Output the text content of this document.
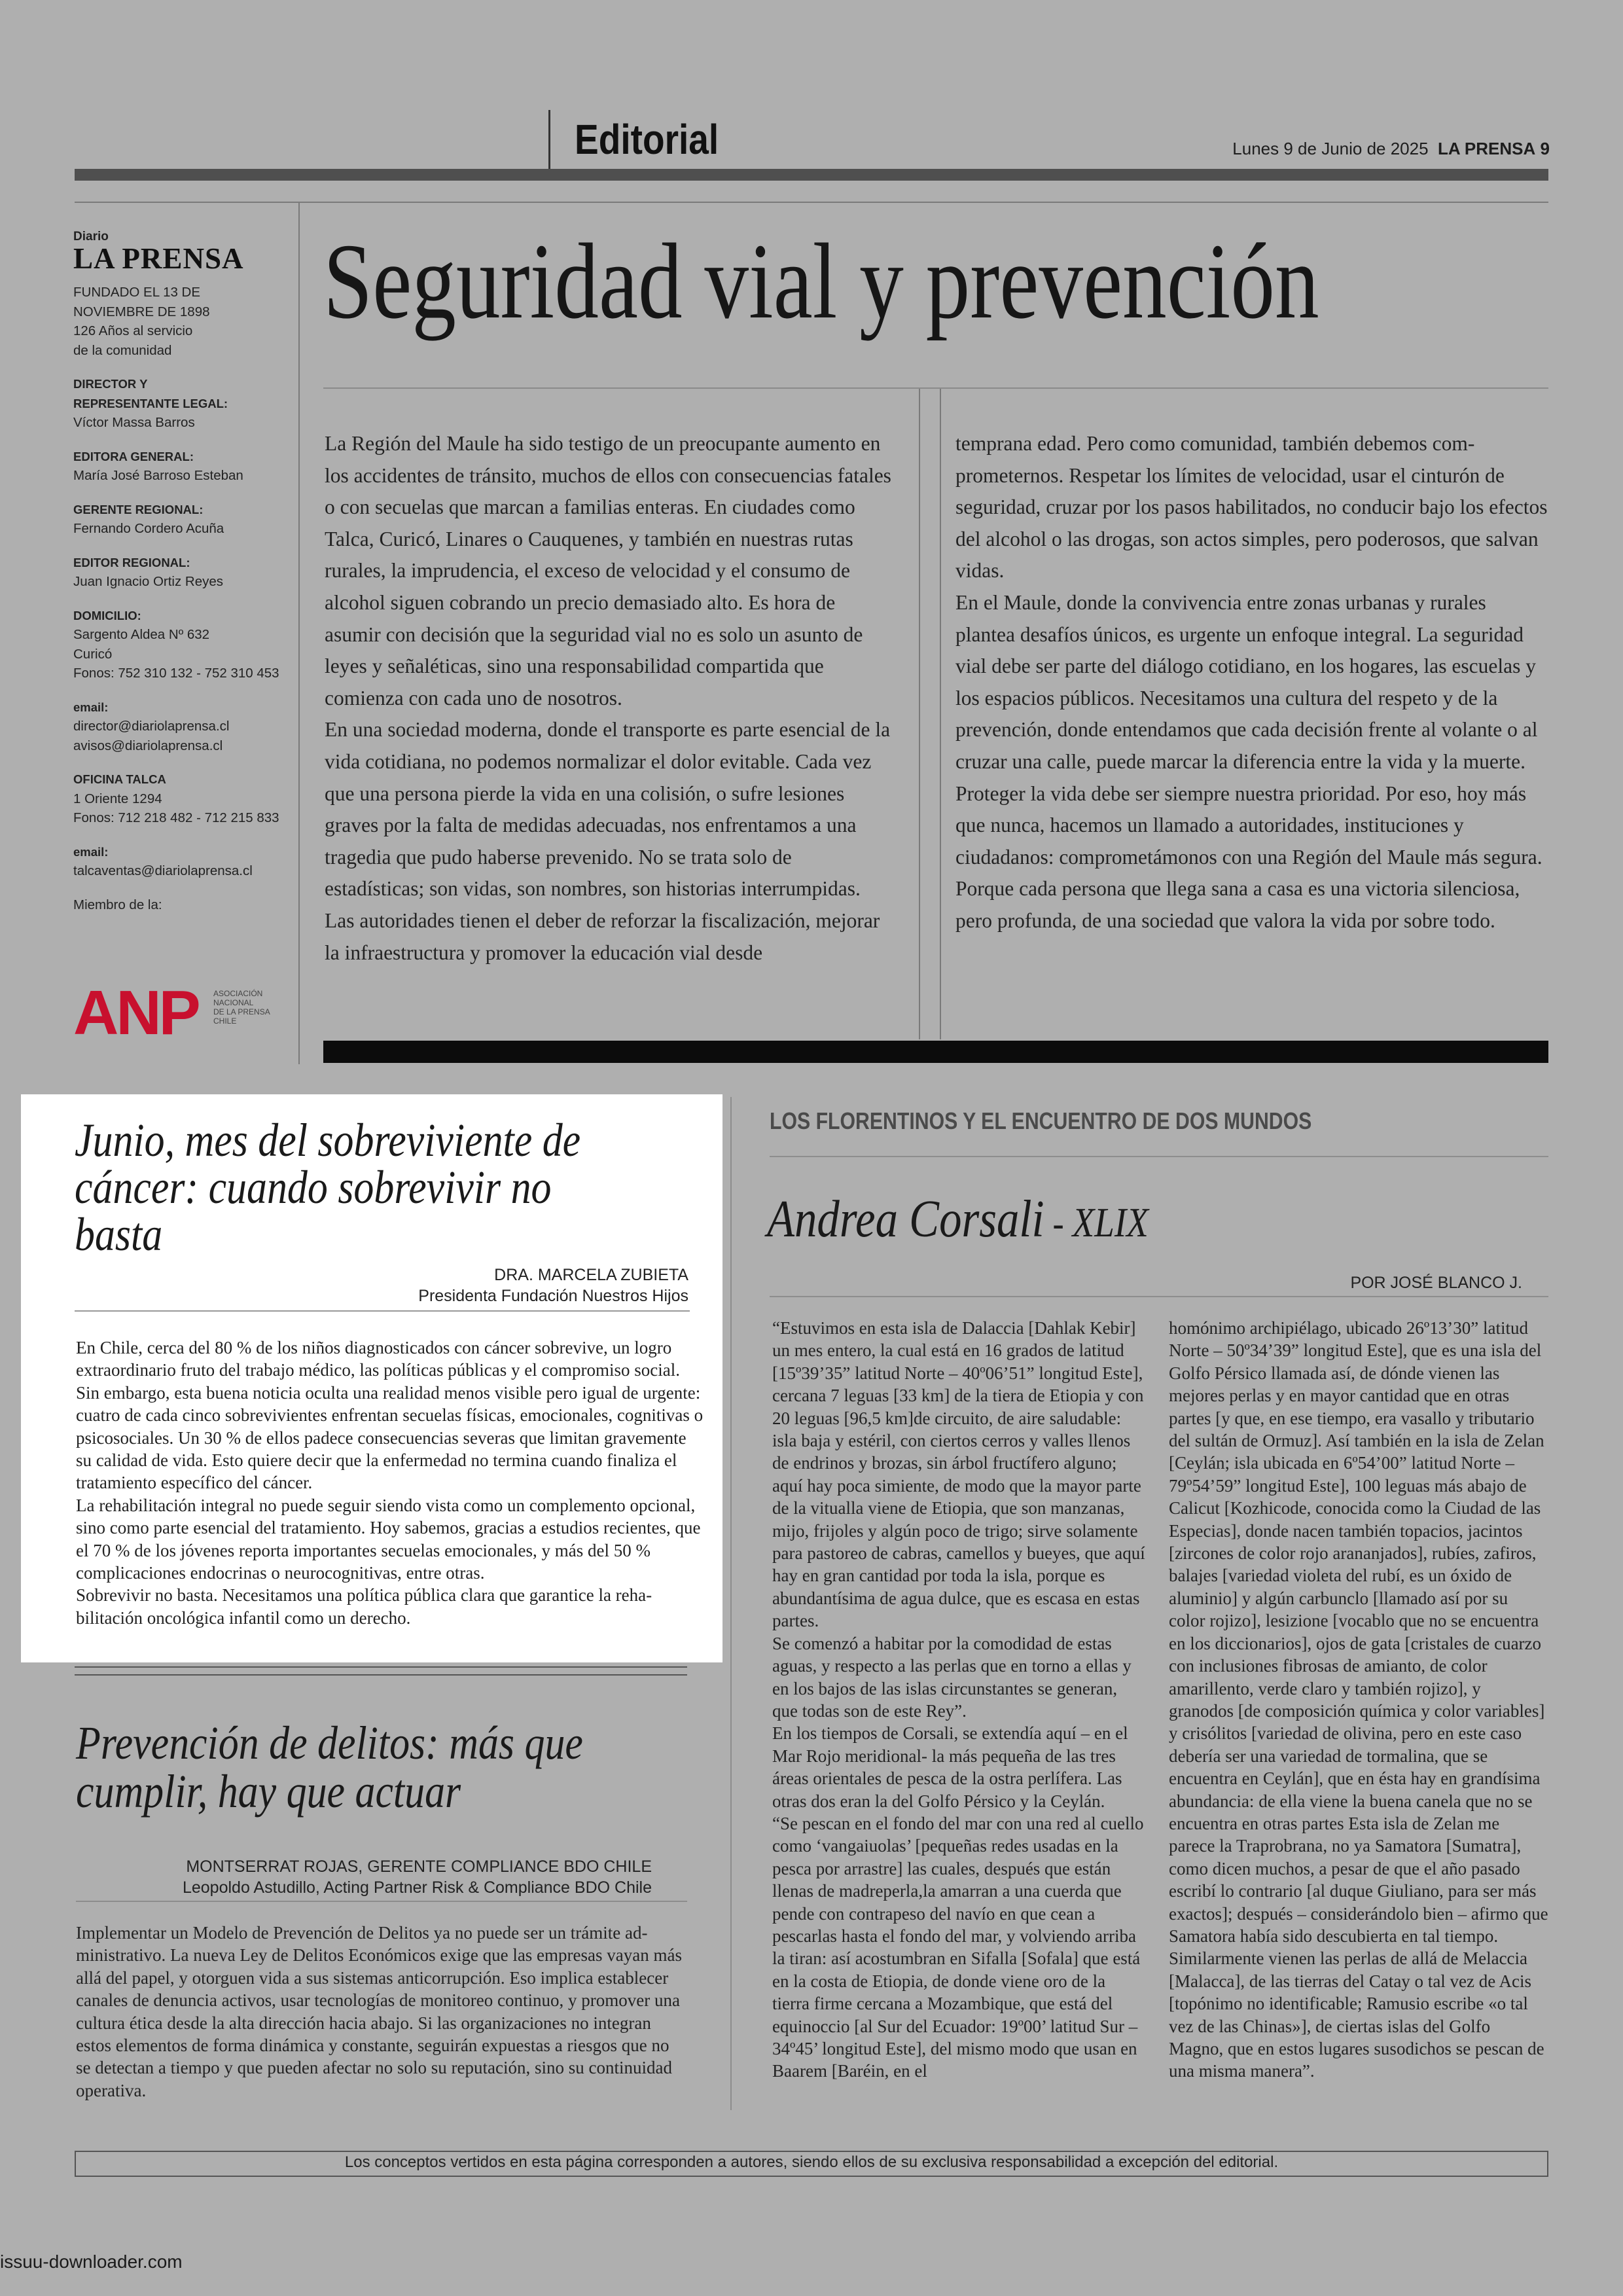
Editorial	Lunes 9 de Junio de 2025 LA PRENSA 9
Diario
LA PRENSA
FUNDADO EL 13 DE
NOVIEMBRE DE 1898
126 Años al servicio
de la comunidad
DIRECTOR Y
REPRESENTANTE LEGAL:
Víctor Massa Barros
EDITORA GENERAL:
María José Barroso Esteban
GERENTE REGIONAL:
Fernando Cordero Acuña
EDITOR REGIONAL:
Juan Ignacio Ortiz Reyes
DOMICILIO:
Sargento Aldea Nº 632
Curicó
Fonos: 752 310 132 - 752 310 453
email:
director@diariolaprensa.cl
avisos@diariolaprensa.cl
OFICINA TALCA
1 Oriente 1294
Fonos: 712 218 482 - 712 215 833
email:
talcaventas@diariolaprensa.cl
Miembro de la:
ANP ASOCIACIÓN
NACIONAL
DE LA PRENSA
CHILE
Seguridad vial y prevención

La Región del Maule ha sido testigo de un preocupante aumento en los accidentes de tránsito, muchos de ellos con consecuencias fatales o con secuelas que marcan a familias enteras. En ciudades como Talca, Curicó, Linares o Cauquenes, y también en nuestras rutas rurales, la imprudencia, el exceso de velocidad y el consumo de alcohol siguen cobrando un precio demasiado alto. Es hora de asumir con decisión que la seguridad vial no es solo un asunto de leyes y señaléticas, sino una responsabilidad compartida que comienza con cada uno de nosotros.

En una sociedad moderna, donde el transporte es parte esencial de la vida cotidiana, no podemos normalizar el dolor evitable. Cada vez que una persona pierde la vida en una colisión, o sufre lesiones graves por la falta de medidas adecuadas, nos enfrentamos a una tragedia que pudo haberse prevenido. No se trata solo de estadísticas; son vidas, son nombres, son historias interrumpidas.

Las autoridades tienen el deber de reforzar la fiscalización, mejorar la infraestructura y promover la educación vial desde

temprana edad. Pero como comunidad, también debemos comprometernos. Respetar los límites de velocidad, usar el cinturón de seguridad, cruzar por los pasos habilitados, no conducir bajo los efectos del alcohol o las drogas, son actos simples, pero poderosos, que salvan vidas.

En el Maule, donde la convivencia entre zonas urbanas y rurales plantea desafíos únicos, es urgente un enfoque integral. La seguridad vial debe ser parte del diálogo cotidiano, en los hogares, las escuelas y los espacios públicos. Necesitamos una cultura del respeto y de la prevención, donde entendamos que cada decisión frente al volante o al cruzar una calle, puede marcar la diferencia entre la vida y la muerte.

Proteger la vida debe ser siempre nuestra prioridad. Por eso, hoy más que nunca, hacemos un llamado a autoridades, instituciones y ciudadanos: comprometámonos con una Región del Maule más segura. Porque cada persona que llega sana a casa es una victoria silenciosa, pero profunda, de una sociedad que valora la vida por sobre todo.

Junio, mes del sobreviviente de cáncer: cuando sobrevivir no basta
DRA. MARCELA ZUBIETA
Presidenta Fundación Nuestros Hijos

En Chile, cerca del 80 % de los niños diagnosticados con cáncer sobrevive, un logro extraordinario fruto del trabajo médico, las políticas públicas y el compromiso social. Sin embargo, esta buena noticia oculta una realidad menos visible pero igual de urgente: cuatro de cada cinco sobrevivientes enfrentan secuelas físicas, emocionales, cognitivas o psicosociales. Un 30 % de ellos padece consecuencias severas que limitan gravemente su calidad de vida. Esto quiere decir que la enfermedad no termina cuando finaliza el tratamiento específico del cáncer.

La rehabilitación integral no puede seguir siendo vista como un complemento opcional, sino como parte esencial del tratamiento. Hoy sabemos, gracias a estudios recientes, que el 70 % de los jóvenes reporta importantes secuelas emocionales, y más del 50 % complicaciones endocrinas o neurocognitivas, entre otras.

Sobrevivir no basta. Necesitamos una política pública clara que garantice la rehabilitación oncológica infantil como un derecho.

Prevención de delitos: más que cumplir, hay que actuar
MONTSERRAT ROJAS, GERENTE COMPLIANCE BDO CHILE
Leopoldo Astudillo, Acting Partner Risk & Compliance BDO Chile

Implementar un Modelo de Prevención de Delitos ya no puede ser un trámite administrativo. La nueva Ley de Delitos Económicos exige que las empresas vayan más allá del papel, y otorguen vida a sus sistemas anticorrupción. Eso implica establecer canales de denuncia activos, usar tecnologías de monitoreo continuo, y promover una cultura ética desde la alta dirección hacia abajo. Si las organizaciones no integran estos elementos de forma dinámica y constante, seguirán expuestas a riesgos que no se detectan a tiempo y que pueden afectar no solo su reputación, sino su continuidad operativa.

LOS FLORENTINOS Y EL ENCUENTRO DE DOS MUNDOS
Andrea Corsali - XLIX
POR JOSÉ BLANCO J.

“Estuvimos en esta isla de Dalaccia [Dahlak Kebir] un mes entero, la cual está en 16 grados de latitud [15º39’35” latitud Norte – 40º06’51” longitud Este], cercana 7 leguas [33 km] de la tiera de Etiopia y con 20 leguas [96,5 km]de circuito, de aire saludable: isla baja y estéril, con ciertos cerros y valles llenos de endrinos y brozas, sin árbol fructífero alguno; aquí hay poca simiente, de modo que la mayor parte de la vitualla viene de Etiopia, que son manzanas, mijo, frijoles y algún poco de trigo; sirve solamente para pastoreo de cabras, camellos y bueyes, que aquí hay en gran cantidad por toda la isla, porque es abundantísima de agua dulce, que es escasa en estas partes.

Se comenzó a habitar por la comodidad de estas aguas, y respecto a las perlas que en torno a ellas y en los bajos de las islas circunstantes se generan, que todas son de este Rey”.

En los tiempos de Corsali, se extendía aquí – en el Mar Rojo meridional- la más pequeña de las tres áreas orientales de pesca de la ostra perlífera. Las otras dos eran la del Golfo Pérsico y la Ceylán.

“Se pescan en el fondo del mar con una red al cuello como ‘vangaiuolas’ [pequeñas redes usadas en la pesca por arrastre] las cuales, después que están llenas de madreperla,la amarran a una cuerda que pende con contrapeso del navío en que cean a pescarlas hasta el fondo del mar, y volviendo arriba la tiran: así acostumbran en Sifalla [Sofala] que está en la costa de Etiopia, de donde viene oro de la tierra firme cercana a Mozambique, que está del equinoccio [al Sur del Ecuador: 19º00’ latitud Sur – 34º45’ longitud Este], del mismo modo que usan en Baarem [Baréin, en el

homónimo archipiélago, ubicado 26º13’30” latitud Norte – 50º34’39” longitud Este], que es una isla del Golfo Pérsico llamada así, de dónde vienen las mejores perlas y en mayor cantidad que en otras partes [y que, en ese tiempo, era vasallo y tributario del sultán de Ormuz]. Así también en la isla de Zelan [Ceylán; isla ubicada en 6º54’00” latitud Norte – 79º54’59” longitud Este], 100 leguas más abajo de Calicut [Kozhicode, conocida como la Ciudad de las Especias], donde nacen también topacios, jacintos [zircones de color rojo arananjados], rubíes, zafiros, balajes [variedad violeta del rubí, es un óxido de aluminio] y algún carbunclo [llamado así por su color rojizo], lesizione [vocablo que no se encuentra en los diccionarios], ojos de gata [cristales de cuarzo con inclusiones fibrosas de amianto, de color amarillento, verde claro y también rojizo], y granodos [de composición química y color variables] y crisólitos [variedad de olivina, pero en este caso debería ser una variedad de tormalina, que se encuentra en Ceylán], que en ésta hay en grandísima abundancia: de ella viene la buena canela que no se encuentra en otras partes Esta isla de Zelan me parece la Traprobrana, no ya Samatora [Sumatra], como dicen muchos, a pesar de que el año pasado escribí lo contrario [al duque Giuliano, para ser más exactos]; después – considerándolo bien – afirmo que Samatora había sido descubierta en tal tiempo. Similarmente vienen las perlas de allá de Melaccia [Malacca], de las tierras del Catay o tal vez de Acis [topónimo no identificable; Ramusio escribe «o tal vez de las Chinas»], de ciertas islas del Golfo Magno, que en estos lugares susodichos se pescan de una misma manera”.

Los conceptos vertidos en esta página corresponden a autores, siendo ellos de su exclusiva responsabilidad a excepción del editorial.
issuu-downloader.com
